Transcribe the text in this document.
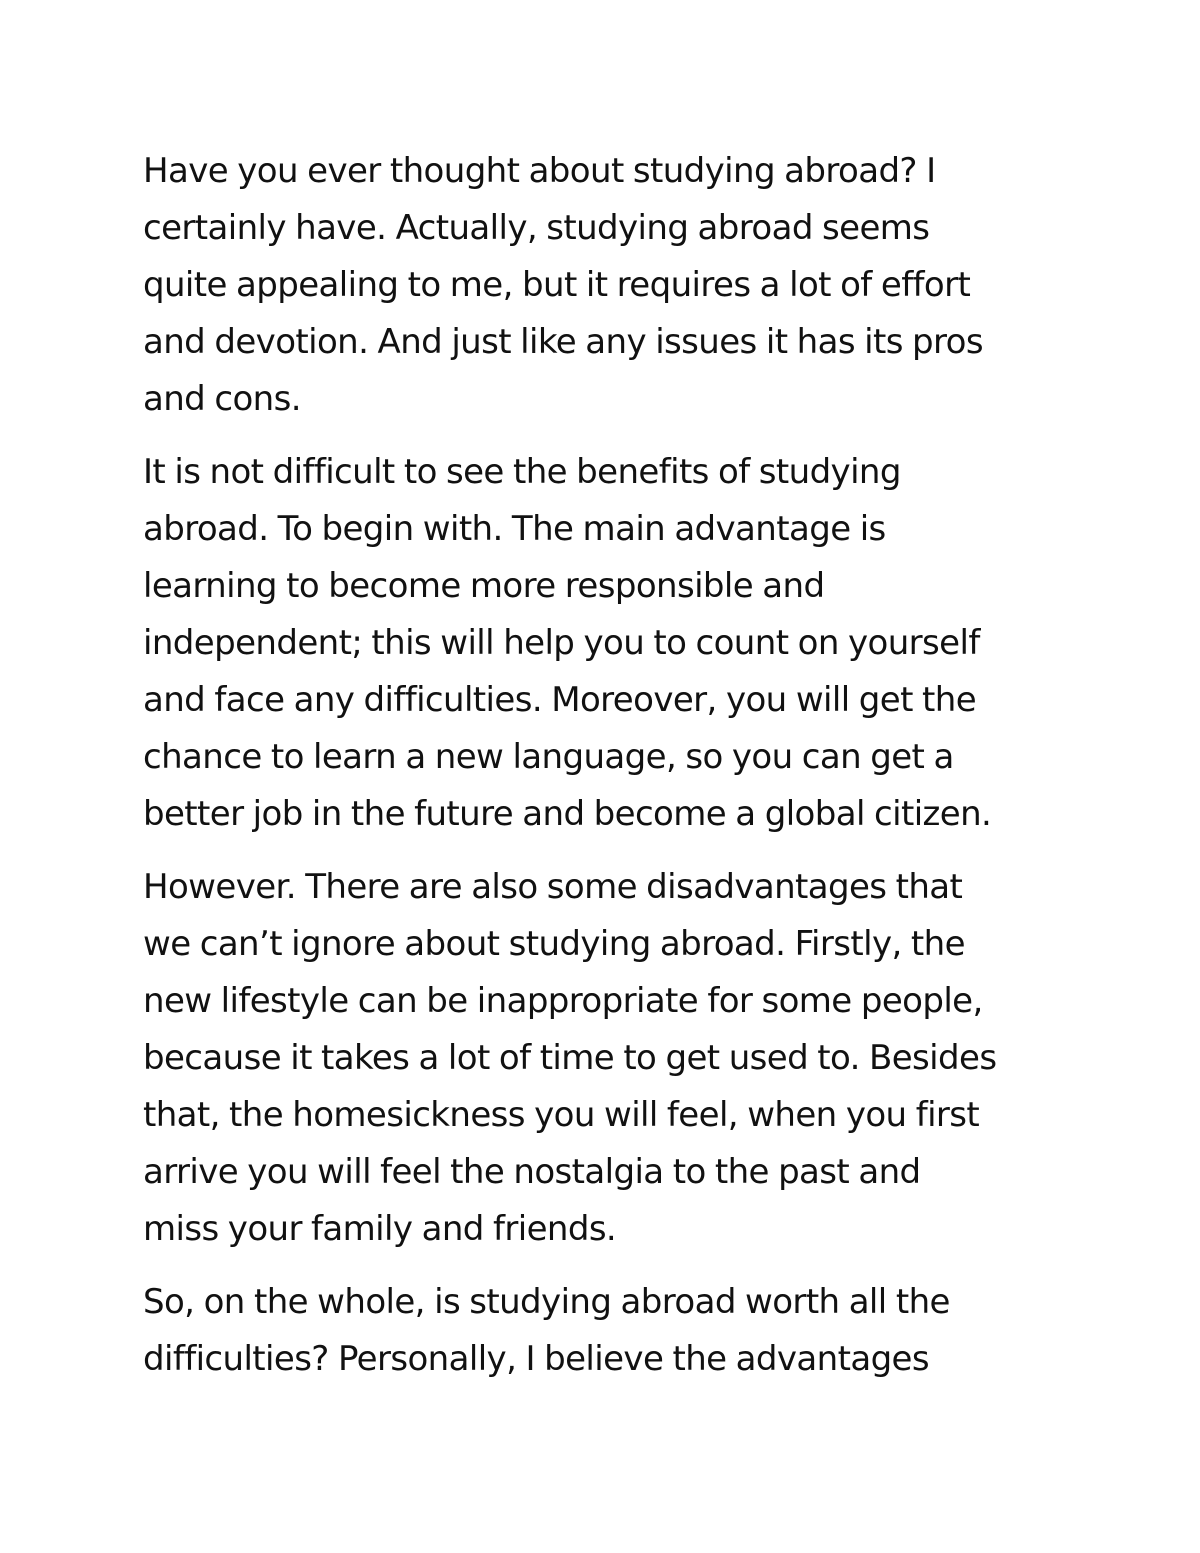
Have you ever thought about studying abroad? I
certainly have. Actually, studying abroad seems
quite appealing to me, but it requires a lot of effort
and devotion. And just like any issues it has its pros
and cons.

It is not difficult to see the benefits of studying
abroad. To begin with. The main advantage is
learning to become more responsible and
independent; this will help you to count on yourself
and face any difficulties. Moreover, you will get the
chance to learn a new language, so you can get a
better job in the future and become a global citizen.

However. There are also some disadvantages that
we can’t ignore about studying abroad. Firstly, the
new lifestyle can be inappropriate for some people,
because it takes a lot of time to get used to. Besides
that, the homesickness you will feel, when you first
arrive you will feel the nostalgia to the past and
miss your family and friends.

So, on the whole, is studying abroad worth all the
difficulties? Personally, I believe the advantages
